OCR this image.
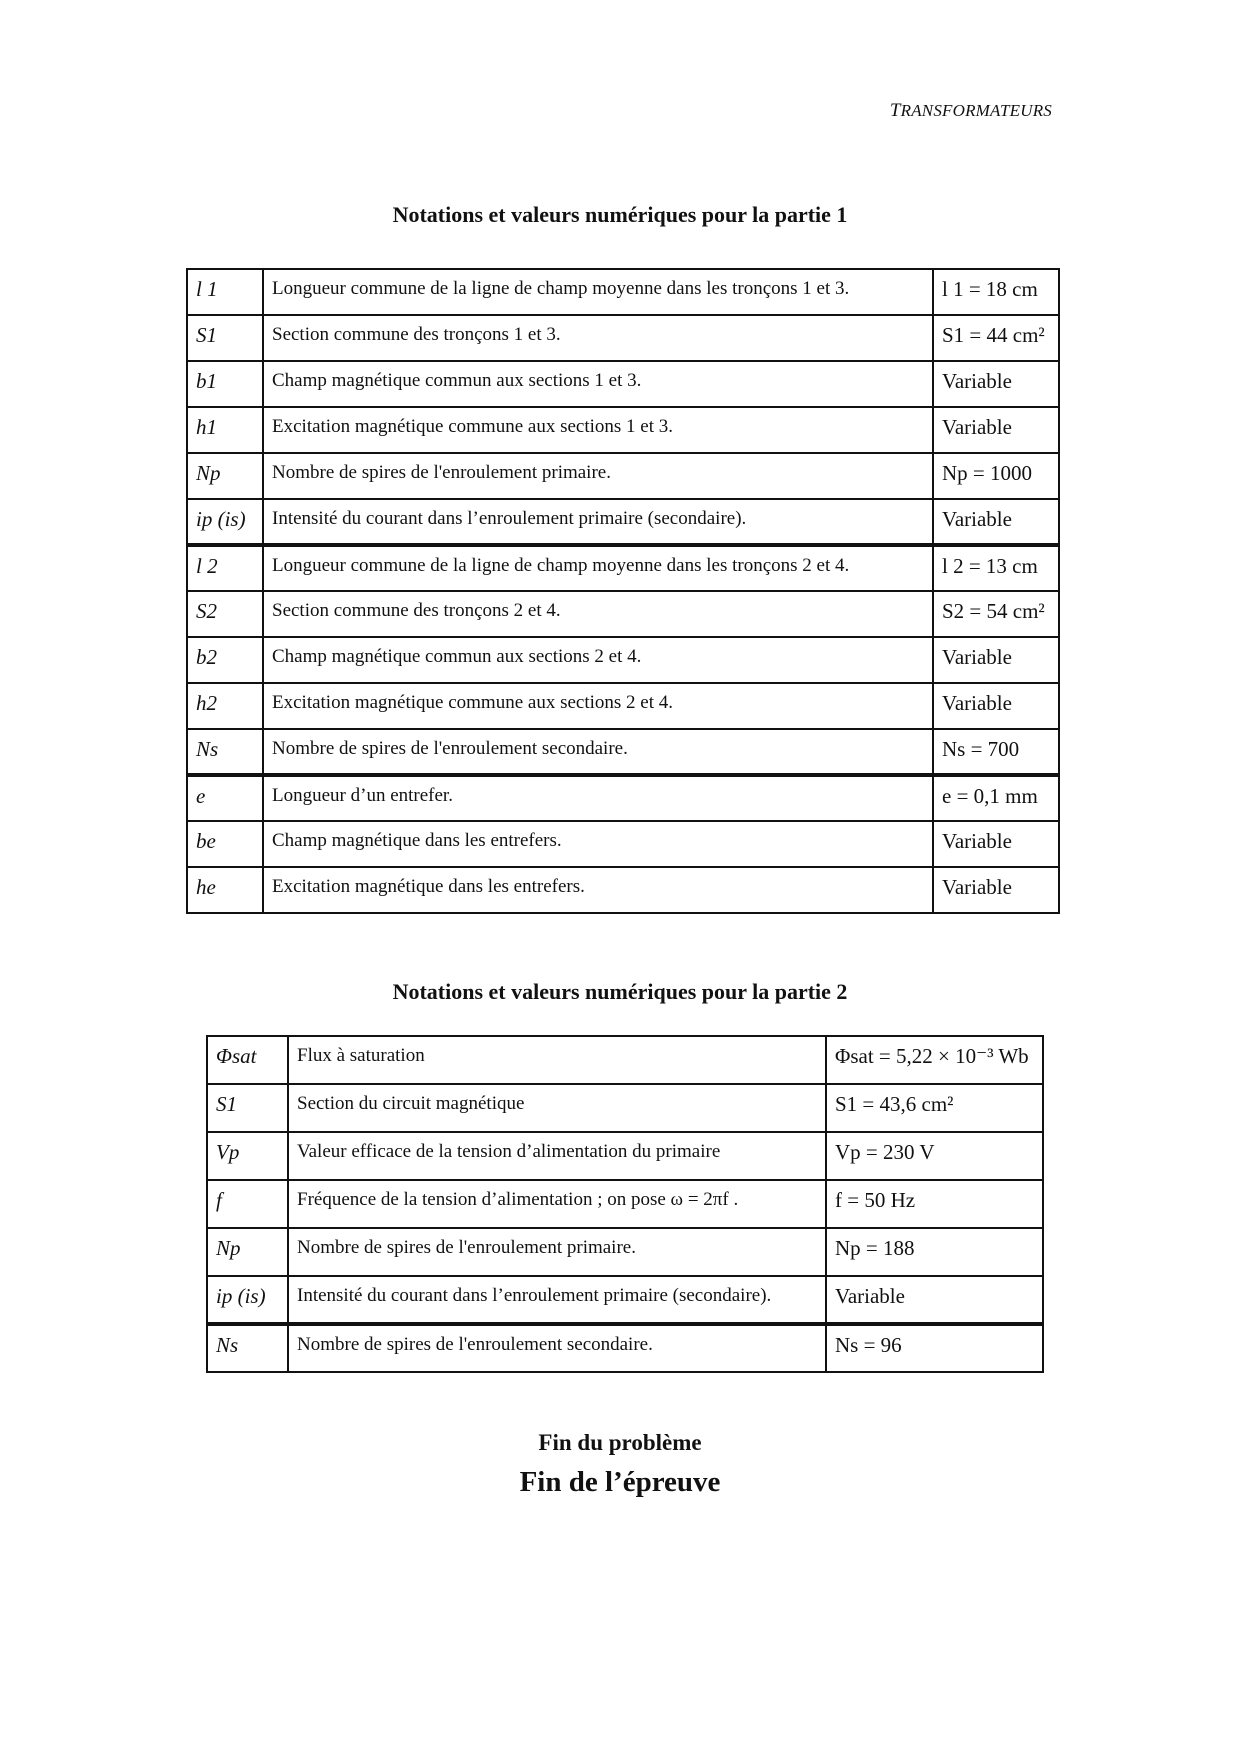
TRANSFORMATEURS
Notations et valeurs numériques pour la partie 1
l 1	Longueur commune de la ligne de champ moyenne dans les tronçons 1 et 3.	l 1 = 18 cm
S1	Section commune des tronçons 1 et 3.	S1 = 44 cm²
b1	Champ magnétique commun aux sections 1 et 3.	Variable
h1	Excitation magnétique commune aux sections 1 et 3.	Variable
Np	Nombre de spires de l'enroulement primaire.	Np = 1000
ip (is)	Intensité du courant dans l’enroulement primaire (secondaire).	Variable
l 2	Longueur commune de la ligne de champ moyenne dans les tronçons 2 et 4.	l 2 = 13 cm
S2	Section commune des tronçons 2 et 4.	S2 = 54 cm²
b2	Champ magnétique commun aux sections 2 et 4.	Variable
h2	Excitation magnétique commune aux sections 2 et 4.	Variable
Ns	Nombre de spires de l'enroulement secondaire.	Ns = 700
e	Longueur d’un entrefer.	e = 0,1 mm
be	Champ magnétique dans les entrefers.	Variable
he	Excitation magnétique dans les entrefers.	Variable
Notations et valeurs numériques pour la partie 2
Φsat	Flux à saturation	Φsat = 5,22 × 10⁻³ Wb
S1	Section du circuit magnétique	S1 = 43,6 cm²
Vp	Valeur efficace de la tension d’alimentation du primaire	Vp = 230 V
f	Fréquence de la tension d’alimentation ; on pose ω = 2πf .	f = 50 Hz
Np	Nombre de spires de l'enroulement primaire.	Np = 188
ip (is)	Intensité du courant dans l’enroulement primaire (secondaire).	Variable
Ns	Nombre de spires de l'enroulement secondaire.	Ns = 96
Fin du problème
Fin de l’épreuve
